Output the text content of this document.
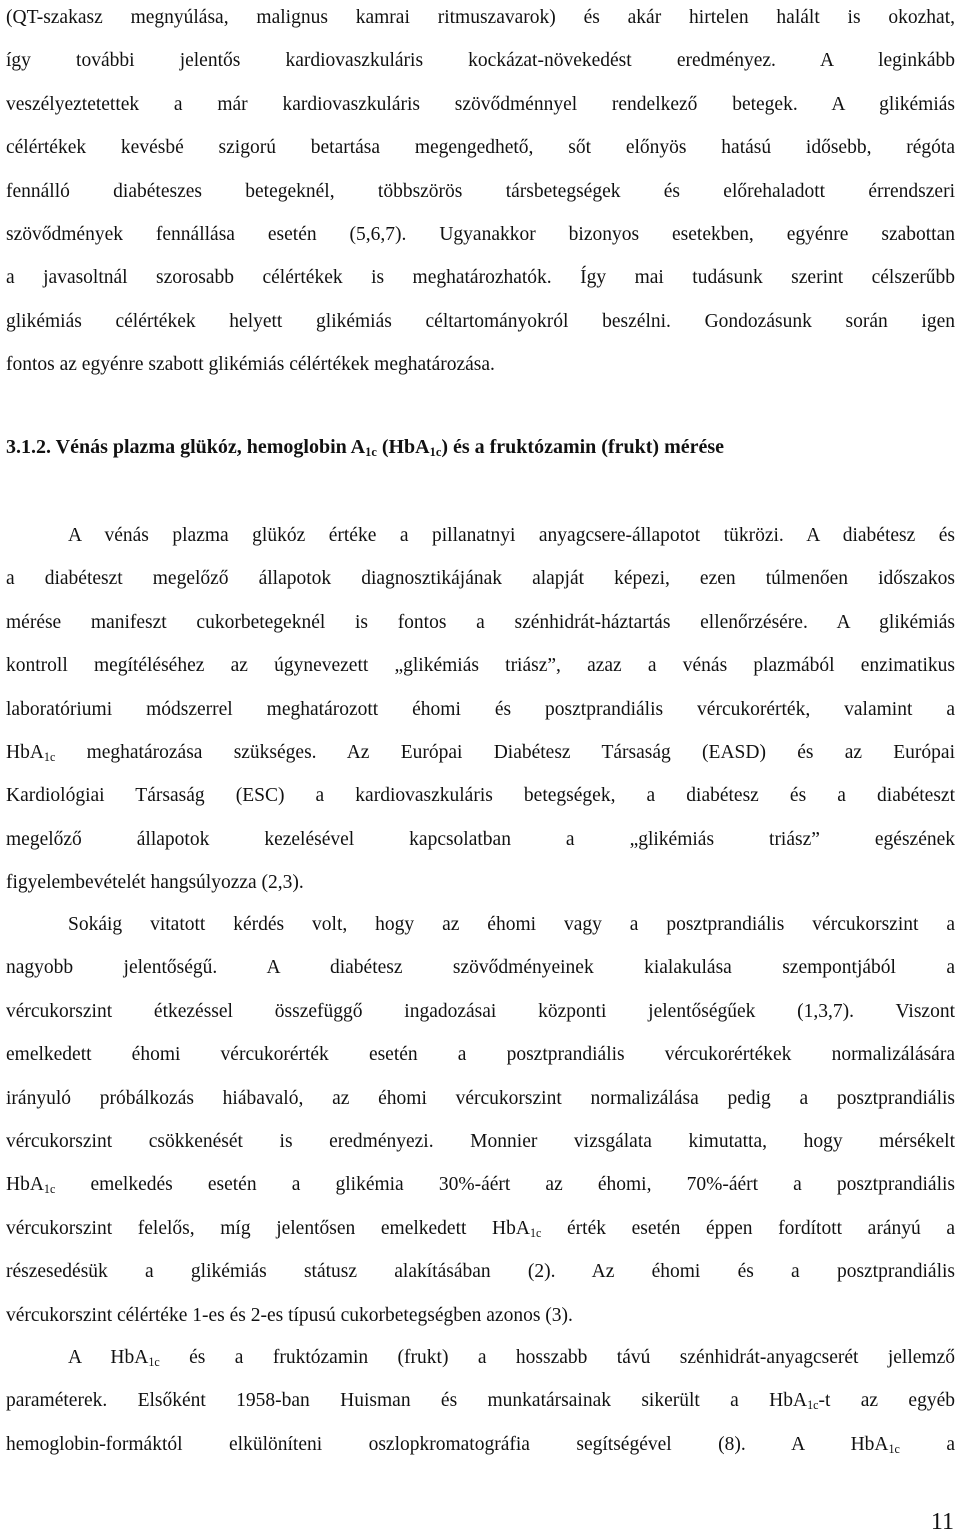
(QT-szakasz megnyúlása, malignus kamrai ritmuszavarok) és akár hirtelen halált is okozhat,
így további jelentős kardiovaszkuláris kockázat-növekedést eredményez. A leginkább
veszélyeztetettek a már kardiovaszkuláris szövődménnyel rendelkező betegek. A glikémiás
célértékek kevésbé szigorú betartása megengedhető, sőt előnyös hatású idősebb, régóta
fennálló diabéteszes betegeknél, többszörös társbetegségek és előrehaladott érrendszeri
szövődmények fennállása esetén (5,6,7). Ugyanakkor bizonyos esetekben, egyénre szabottan
a javasoltnál szorosabb célértékek is meghatározhatók. Így mai tudásunk szerint célszerűbb
glikémiás célértékek helyett glikémiás céltartományokról beszélni. Gondozásunk során igen
fontos az egyénre szabott glikémiás célértékek meghatározása.
3.1.2. Vénás plazma glükóz, hemoglobin $A_{1c}$ (HbA$_{1c}$) és a fruktózamin (frukt) mérése
A vénás plazma glükóz értéke a pillanatnyi anyagcsere-állapotot tükrözi. A diabétesz és
a diabéteszt megelőző állapotok diagnosztikájának alapját képezi, ezen túlmenően időszakos
mérése manifeszt cukorbetegeknél is fontos a szénhidrát-háztartás ellenőrzésére. A glikémiás
kontroll megítéléséhez az úgynevezett „glikémiás triász”, azaz a vénás plazmából enzimatikus
laboratóriumi módszerrel meghatározott éhomi és posztprandiális vércukorérték, valamint a
HbA$_{1c}$ meghatározása szükséges. Az Európai Diabétesz Társaság (EASD) és az Európai
Kardiológiai Társaság (ESC) a kardiovaszkuláris betegségek, a diabétesz és a diabéteszt
megelőző állapotok kezelésével kapcsolatban a „glikémiás triász” egészének
figyelembevételét hangsúlyozza (2,3).
Sokáig vitatott kérdés volt, hogy az éhomi vagy a posztprandiális vércukorszint a
nagyobb jelentőségű. A diabétesz szövődményeinek kialakulása szempontjából a
vércukorszint étkezéssel összefüggő ingadozásai központi jelentőségűek (1,3,7). Viszont
emelkedett éhomi vércukorérték esetén a posztprandiális vércukorértékek normalizálására
irányuló próbálkozás hiábavaló, az éhomi vércukorszint normalizálása pedig a posztprandiális
vércukorszint csökkenését is eredményezi. Monnier vizsgálata kimutatta, hogy mérsékelt
HbA$_{1c}$ emelkedés esetén a glikémia 30%-áért az éhomi, 70%-áért a posztprandiális
vércukorszint felelős, míg jelentősen emelkedett HbA$_{1c}$ érték esetén éppen fordított arányú a
részesedésük a glikémiás státusz alakításában (2). Az éhomi és a posztprandiális
vércukorszint célértéke 1-es és 2-es típusú cukorbetegségben azonos (3).
A HbA$_{1c}$ és a fruktózamin (frukt) a hosszabb távú szénhidrát-anyagcserét jellemző
paraméterek. Elsőként 1958-ban Huisman és munkatársainak sikerült a HbA$_{1c}$-t az egyéb
hemoglobin-formáktól elkülöníteni oszlopkromatográfia segítségével (8). A HbA$_{1c}$ a
11
